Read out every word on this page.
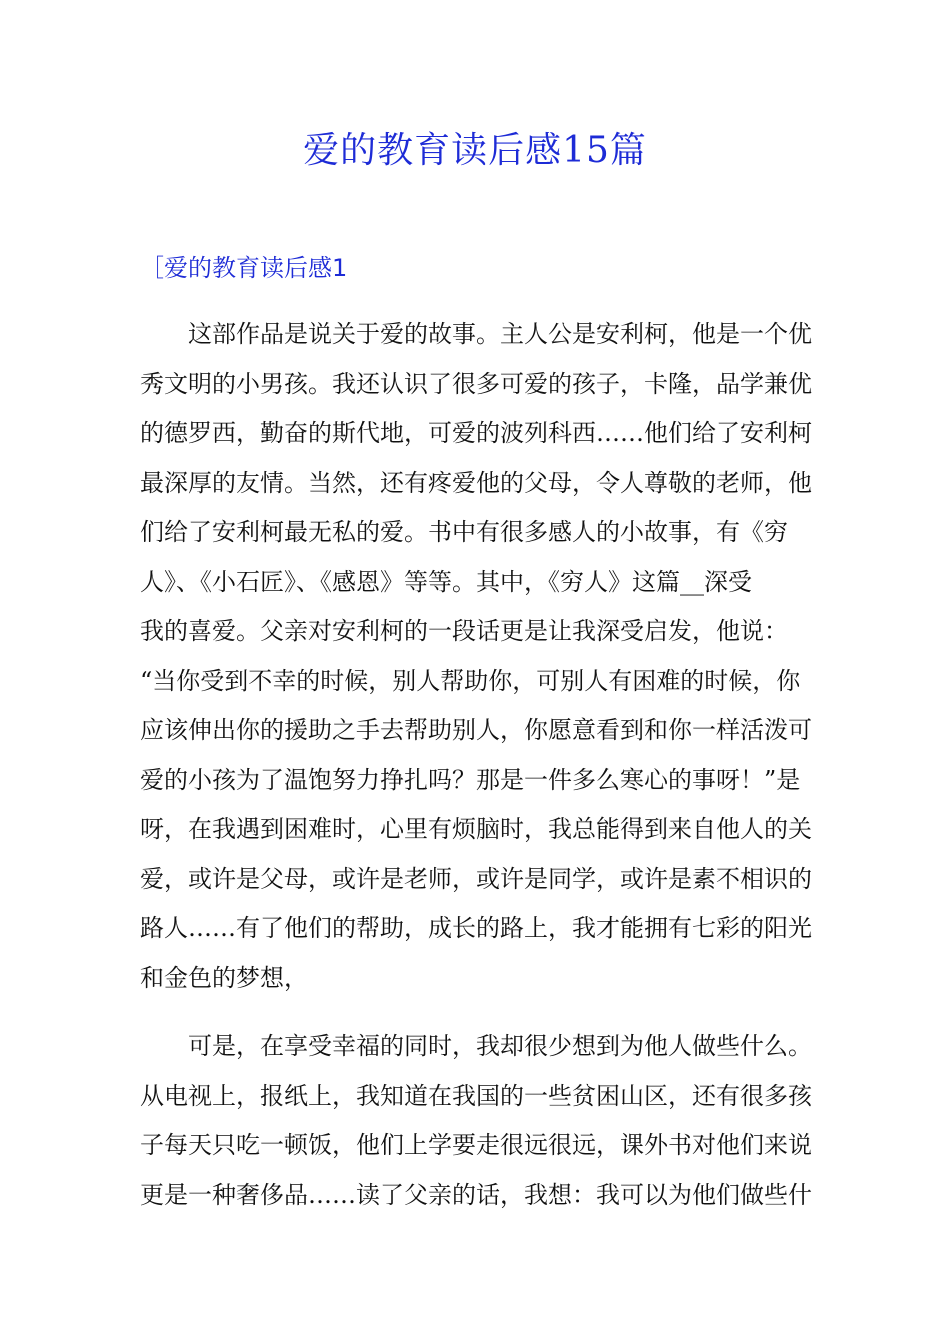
爱的教育读后感15篇
［爱的教育读后感1

这部作品是说关于爱的故事。主人公是安利柯，他是一个优
秀文明的小男孩。我还认识了很多可爱的孩子，卡隆，品学兼优
的德罗西，勤奋的斯代地，可爱的波列科西……他们给了安利柯
最深厚的友情。当然，还有疼爱他的父母，令人尊敬的老师，他
们给了安利柯最无私的爱。书中有很多感人的小故事，有《穷
人》、《小石匠》、《感恩》等等。其中，《穷人》这篇__深受
我的喜爱。父亲对安利柯的一段话更是让我深受启发，他说：
“当你受到不幸的时候，别人帮助你，可别人有困难的时候，你
应该伸出你的援助之手去帮助别人，你愿意看到和你一样活泼可
爱的小孩为了温饱努力挣扎吗？那是一件多么寒心的事呀！”是
呀，在我遇到困难时，心里有烦脑时，我总能得到来自他人的关
爱，或许是父母，或许是老师，或许是同学，或许是素不相识的
路人……有了他们的帮助，成长的路上，我才能拥有七彩的阳光
和金色的梦想，

可是，在享受幸福的同时，我却很少想到为他人做些什么。
从电视上，报纸上，我知道在我国的一些贫困山区，还有很多孩
子每天只吃一顿饭，他们上学要走很远很远，课外书对他们来说
更是一种奢侈品……读了父亲的话，我想：我可以为他们做些什
